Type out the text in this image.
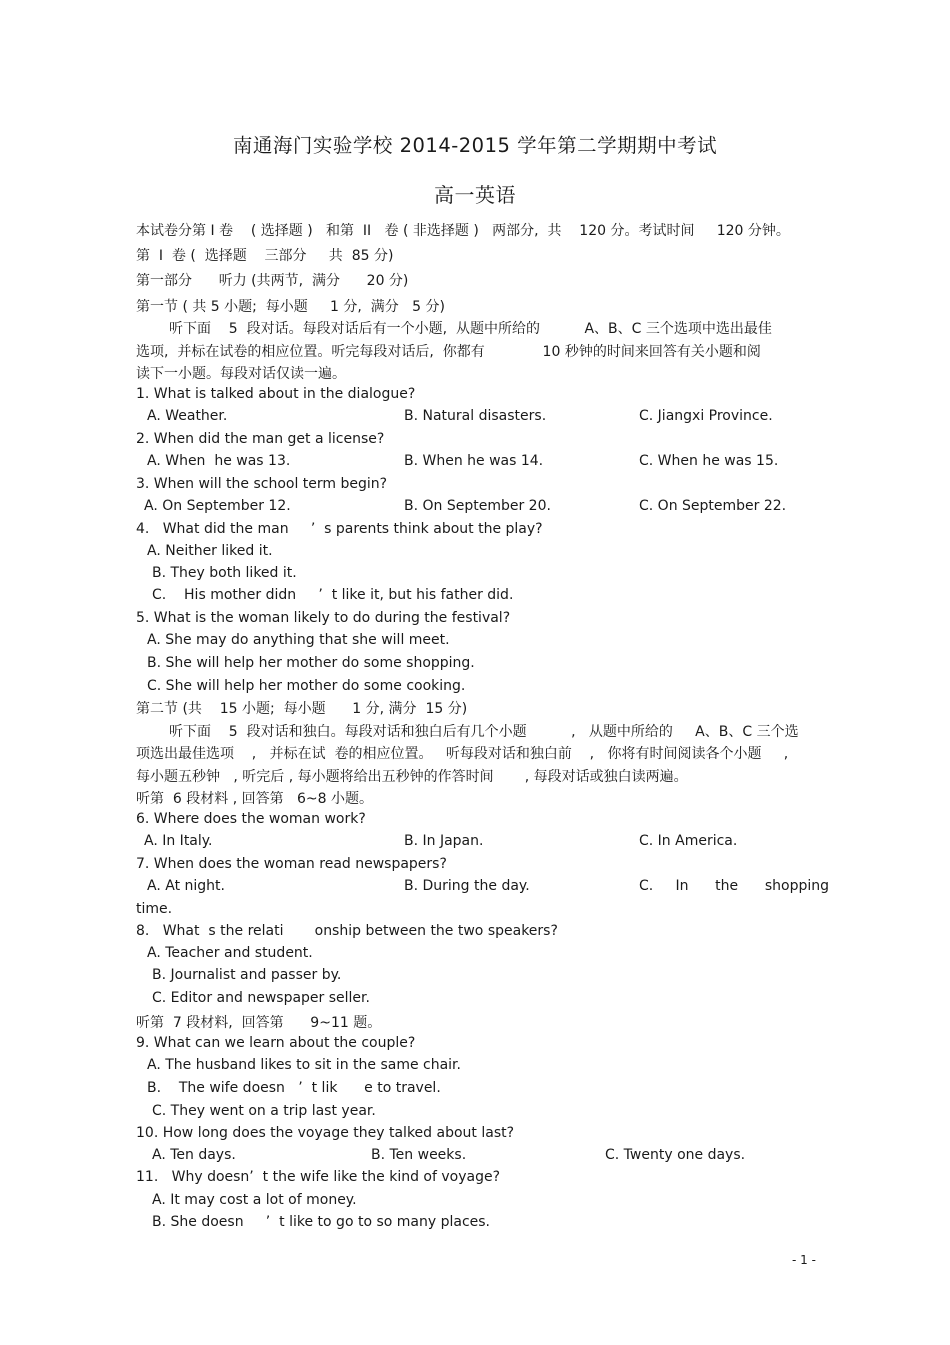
南通海门实验学校 2014-2015 学年第二学期期中考试
高一英语
本试卷分第 I 卷    ( 选择题 )   和第  II   卷 ( 非选择题 )   两部分,  共    120 分。考试时间     120 分钟。
第  I  卷 (  选择题    三部分     共  85 分)
第一部分      听力 (共两节,  满分      20 分)
第一节 ( 共 5 小题;  每小题     1 分,  满分   5 分)
听下面    5  段对话。每段对话后有一个小题,  从题中所给的          A、B、C 三个选项中选出最佳
选项,  并标在试卷的相应位置。听完每段对话后,  你都有             10 秒钟的时间来回答有关小题和阅
读下一小题。每段对话仅读一遍。
1. What is talked about in the dialogue?
A. Weather.	B. Natural disasters.	C. Jiangxi Province.
2. When did the man get a license?
A. When  he was 13.	B. When he was 14.	C. When he was 15.
3. When will the school term begin?
A. On September 12.	B. On September 20.	C. On September 22.
4.   What did the man     ’  s parents think about the play?
A. Neither liked it.
B. They both liked it.
C.    His mother didn     ’  t like it, but his father did.
5. What is the woman likely to do during the festival?
A. She may do anything that she will meet.
B. She will help her mother do some shopping.
C. She will help her mother do some cooking.
第二节 (共    15 小题;  每小题      1 分, 满分  15 分)
听下面    5  段对话和独白。每段对话和独白后有几个小题          ,   从题中所给的     A、B、C 三个选
项选出最佳选项    ,   并标在试  卷的相应位置。   听每段对话和独白前    ,   你将有时间阅读各个小题     ,
每小题五秒钟   , 听完后 , 每小题将给出五秒钟的作答时间       , 每段对话或独白读两遍。
听第  6 段材料 , 回答第   6~8 小题。
6. Where does the woman work?
A. In Italy.	B. In Japan.	C. In America.
7. When does the woman read newspapers?
A. At night.	B. During the day.	C.     In      the      shopping
time.
8.   What  s the relati       onship between the two speakers?
A. Teacher and student.
B. Journalist and passer by.
C. Editor and newspaper seller.
听第  7 段材料,  回答第      9~11 题。
9. What can we learn about the couple?
A. The husband likes to sit in the same chair.
B.    The wife doesn   ’  t lik      e to travel.
C. They went on a trip last year.
10. How long does the voyage they talked about last?
A. Ten days.	B. Ten weeks.	C. Twenty one days.
11.   Why doesn’  t the wife like the kind of voyage?
A. It may cost a lot of money.
B. She doesn     ’  t like to go to so many places.
- 1 -
